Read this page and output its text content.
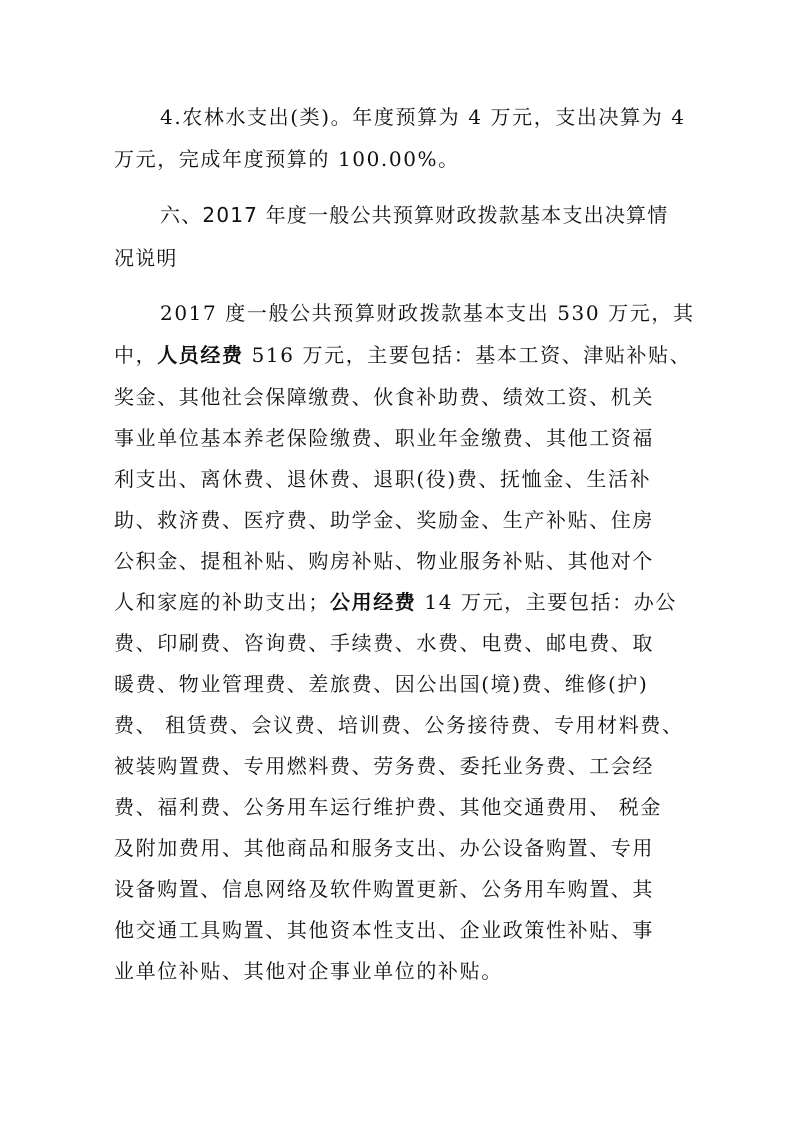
4.农林水支出(类)。年度预算为 4 万元，支出决算为 4

万元，完成年度预算的 100.00%。

六、2017 年度一般公共预算财政拨款基本支出决算情

况说明

2017 度一般公共预算财政拨款基本支出 530 万元，其

中，人员经费 516 万元，主要包括：基本工资、津贴补贴、

奖金、其他社会保障缴费、伙食补助费、绩效工资、机关

事业单位基本养老保险缴费、职业年金缴费、其他工资福

利支出、离休费、退休费、退职(役)费、抚恤金、生活补

助、救济费、医疗费、助学金、奖励金、生产补贴、住房

公积金、提租补贴、购房补贴、物业服务补贴、其他对个

人和家庭的补助支出；公用经费 14 万元，主要包括：办公

费、印刷费、咨询费、手续费、水费、电费、邮电费、取

暖费、物业管理费、差旅费、因公出国(境)费、维修(护)

费、 租赁费、会议费、培训费、公务接待费、专用材料费、

被装购置费、专用燃料费、劳务费、委托业务费、工会经

费、福利费、公务用车运行维护费、其他交通费用、 税金

及附加费用、其他商品和服务支出、办公设备购置、专用

设备购置、信息网络及软件购置更新、公务用车购置、其

他交通工具购置、其他资本性支出、企业政策性补贴、事

业单位补贴、其他对企事业单位的补贴。
